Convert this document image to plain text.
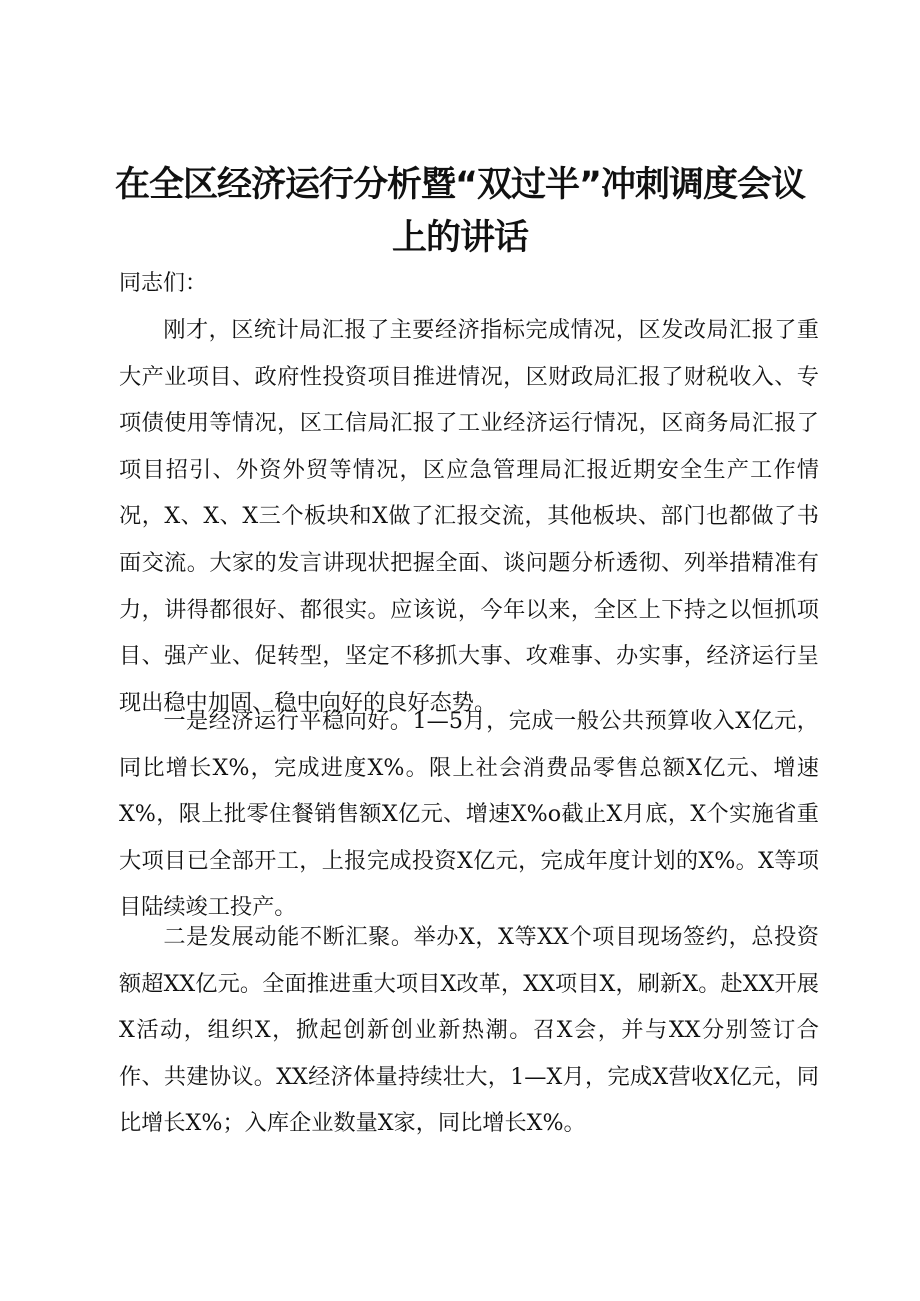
在全区经济运行分析暨“双过半”冲刺调度会议
上的讲话

同志们：

刚才，区统计局汇报了主要经济指标完成情况，区发改局汇报了重大产业项目、政府性投资项目推进情况，区财政局汇报了财税收入、专项债使用等情况，区工信局汇报了工业经济运行情况，区商务局汇报了项目招引、外资外贸等情况，区应急管理局汇报近期安全生产工作情况，X、X、X三个板块和X做了汇报交流，其他板块、部门也都做了书面交流。大家的发言讲现状把握全面、谈问题分析透彻、列举措精准有力，讲得都很好、都很实。应该说，今年以来，全区上下持之以恒抓项目、强产业、促转型，坚定不移抓大事、攻难事、办实事，经济运行呈现出稳中加固、稳中向好的良好态势。

一是经济运行平稳向好。1—5月，完成一般公共预算收入X亿元，同比增长X%，完成进度X%。限上社会消费品零售总额X亿元、增速X%，限上批零住餐销售额X亿元、增速X%o截止X月底，X个实施省重大项目已全部开工，上报完成投资X亿元，完成年度计划的X%。X等项目陆续竣工投产。

二是发展动能不断汇聚。举办X，X等XX个项目现场签约，总投资额超XX亿元。全面推进重大项目X改革，XX项目X，刷新X。赴XX开展X活动，组织X，掀起创新创业新热潮。召X会，并与XX分别签订合作、共建协议。XX经济体量持续壮大，1—X月，完成X营收X亿元，同比增长X%；入库企业数量X家，同比增长X%。
